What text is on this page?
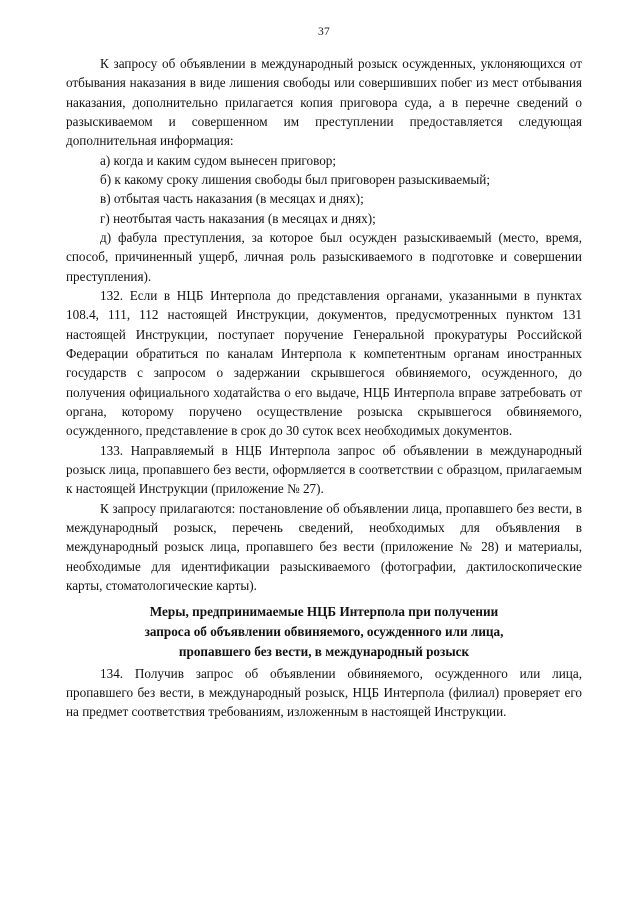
37

К запросу об объявлении в международный розыск осужденных, уклоняющихся от отбывания наказания в виде лишения свободы или совершивших побег из мест отбывания наказания, дополнительно прилагается копия приговора суда, а в перечне сведений о разыскиваемом и совершенном им преступлении предоставляется следующая дополнительная информация:

а) когда и каким судом вынесен приговор;

б) к какому сроку лишения свободы был приговорен разыскиваемый;

в) отбытая часть наказания (в месяцах и днях);

г) неотбытая часть наказания (в месяцах и днях);

д) фабула преступления, за которое был осужден разыскиваемый (место, время, способ, причиненный ущерб, личная роль разыскиваемого в подготовке и совершении преступления).

132. Если в НЦБ Интерпола до представления органами, указанными в пунктах 108.4, 111, 112 настоящей Инструкции, документов, предусмотренных пунктом 131 настоящей Инструкции, поступает поручение Генеральной прокуратуры Российской Федерации обратиться по каналам Интерпола к компетентным органам иностранных государств с запросом о задержании скрывшегося обвиняемого, осужденного, до получения официального ходатайства о его выдаче, НЦБ Интерпола вправе затребовать от органа, которому поручено осуществление розыска скрывшегося обвиняемого, осужденного, представление в срок до 30 суток всех необходимых документов.

133. Направляемый в НЦБ Интерпола запрос об объявлении в международный розыск лица, пропавшего без вести, оформляется в соответствии с образцом, прилагаемым к настоящей Инструкции (приложение № 27).

К запросу прилагаются: постановление об объявлении лица, пропавшего без вести, в международный розыск, перечень сведений, необходимых для объявления в международный розыск лица, пропавшего без вести (приложение № 28) и материалы, необходимые для идентификации разыскиваемого (фотографии, дактилоскопические карты, стоматологические карты).

Меры, предпринимаемые НЦБ Интерпола при получении

запроса об объявлении обвиняемого, осужденного или лица,

пропавшего без вести, в международный розыск

134. Получив запрос об объявлении обвиняемого, осужденного или лица, пропавшего без вести, в международный розыск, НЦБ Интерпола (филиал) проверяет его на предмет соответствия требованиям, изложенным в настоящей Инструкции.
